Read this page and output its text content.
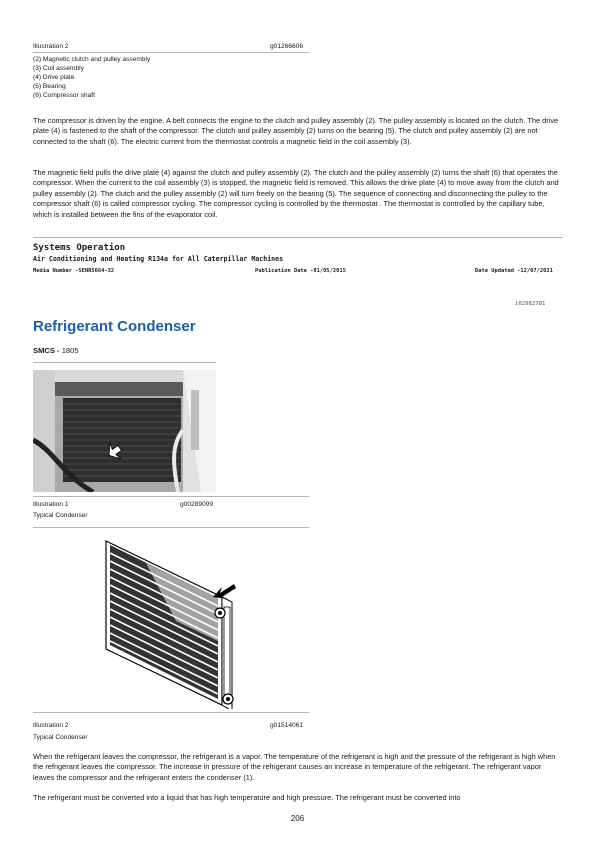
Illustration 2	g01266606
(2) Magnetic clutch and pulley assembly
(3) Coil assembly
(4) Drive plate
(5) Bearing
(6) Compressor shaft
The compressor is driven by the engine. A belt connects the engine to the clutch and pulley assembly (2). The pulley assembly is located on the clutch. The drive plate (4) is fastened to the shaft of the compressor. The clutch and pulley assembly (2) turns on the bearing (5). The clutch and pulley assembly (2) are not connected to the shaft (6). The electric current from the thermostat controls a magnetic field in the coil assembly (3).
The magnetic field pulls the drive plate (4) against the clutch and pulley assembly (2). The clutch and the pulley assembly (2) turns the shaft (6) that operates the compressor. When the current to the coil assembly (3) is stopped, the magnetic field is removed. This allows the drive plate (4) to move away from the clutch and pulley assembly (2). The clutch and the pulley assembly (2) will turn freely on the bearing (5). The sequence of connecting and disconnecting the pulley to the compressor shaft (6) is called compressor cycling. The compressor cycling is controlled by the thermostat . The thermostat is controlled by the capillary tube, which is installed between the fins of the evaporator coil.
Systems Operation
Air Conditioning and Heating R134a for All Caterpillar Machines
Media Number -SENR5664-32	Publication Date -01/05/2015	Date Updated -12/07/2021
i02982781
Refrigerant Condenser
SMCS - 1805
Illustration 1	g00289099
Typical Condenser
Illustration 2	g01514061
Typical Condenser
When the refrigerant leaves the compressor, the refrigerant is a vapor. The temperature of the refrigerant is high and the pressure of the refrigerant is high when the refrigerant leaves the compressor. The increase in pressure of the refrigerant causes an increase in temperature of the refrigerant. The refrigerant vapor leaves the compressor and the refrigerant enters the condenser (1).
The refrigerant must be converted into a liquid that has high temperature and high pressure. The refrigerant must be converted into
206
